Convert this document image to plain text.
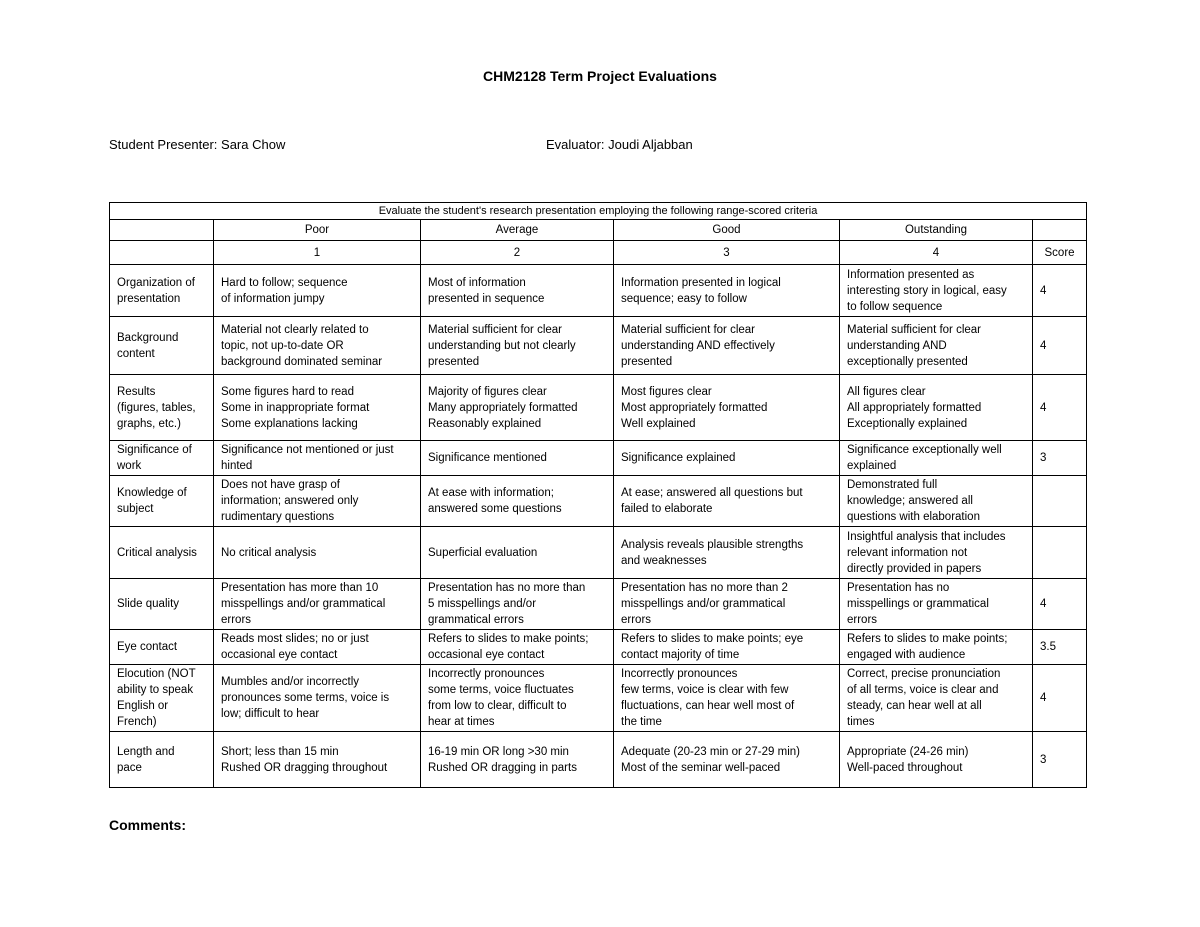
CHM2128 Term Project Evaluations
Student Presenter: Sara Chow	Evaluator: Joudi Aljabban
Evaluate the student's research presentation employing the following range-scored criteria					
	Poor	Average	Good	Outstanding	
	1	2	3	4	Score
Organization of presentation	Hard to follow; sequence
of information jumpy	Most of information
presented in sequence	Information presented in logical
sequence; easy to follow	Information presented as
interesting story in logical, easy
to follow sequence	4
Background content	Material not clearly related to
topic, not up-to-date OR
background dominated seminar	Material sufficient for clear
understanding but not clearly
presented	Material sufficient for clear
understanding AND effectively
presented	Material sufficient for clear
understanding AND
exceptionally presented	4
Results
(figures, tables,
graphs, etc.)	Some figures hard to read
Some in inappropriate format
Some explanations lacking	Majority of figures clear
Many appropriately formatted
Reasonably explained	Most figures clear
Most appropriately formatted
Well explained	All figures clear
All appropriately formatted
Exceptionally explained	4
Significance of
work	Significance not mentioned or just
hinted	Significance mentioned	Significance explained	Significance exceptionally well
explained	3
Knowledge of
subject	Does not have grasp of
information; answered only
rudimentary questions	At ease with information;
answered some questions	At ease; answered all questions but
failed to elaborate	Demonstrated full
knowledge; answered all
questions with elaboration	
Critical analysis	No critical analysis	Superficial evaluation	Analysis reveals plausible strengths
and weaknesses	Insightful analysis that includes
relevant information not
directly provided in papers	
Slide quality	Presentation has more than 10
misspellings and/or grammatical
errors	Presentation has no more than
5 misspellings and/or
grammatical errors	Presentation has no more than 2
misspellings and/or grammatical
errors	Presentation has no
misspellings or grammatical
errors	4
Eye contact	Reads most slides; no or just
occasional eye contact	Refers to slides to make points;
occasional eye contact	Refers to slides to make points; eye
contact majority of time	Refers to slides to make points;
engaged with audience	3.5
Elocution (NOT
ability to speak
English or
French)	Mumbles and/or incorrectly
pronounces some terms, voice is
low; difficult to hear	Incorrectly pronounces
some terms, voice fluctuates
from low to clear, difficult to
hear at times	Incorrectly pronounces
few terms, voice is clear with few
fluctuations, can hear well most of
the time	Correct, precise pronunciation
of all terms, voice is clear and
steady, can hear well at all
times	4
Length and
pace	Short; less than 15 min
Rushed OR dragging throughout	16-19 min OR long >30 min
Rushed OR dragging in parts	Adequate (20-23 min or 27-29 min)
Most of the seminar well-paced	Appropriate (24-26 min)
Well-paced throughout	3
Comments:
